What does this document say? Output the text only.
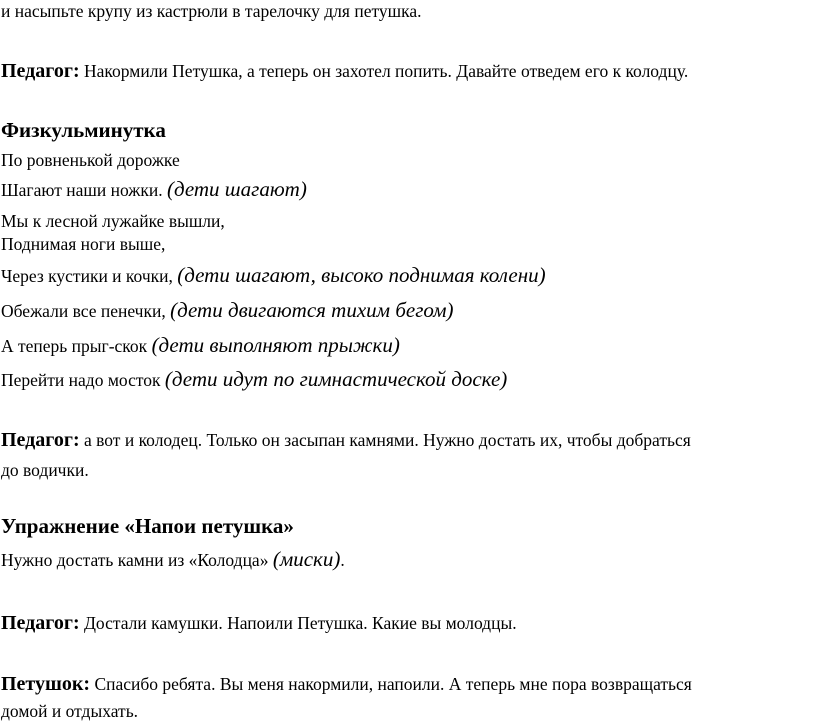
и насыпьте крупу из кастрюли в тарелочку для петушка.
Педагог: Накормили Петушка, а теперь он захотел попить. Давайте отведем его к колодцу.
Физкульминутка
По ровненькой дорожке
Шагают наши ножки. (дети шагают)
Мы к лесной лужайке вышли,
Поднимая ноги выше,
Через кустики и кочки, (дети шагают, высоко поднимая колени)
Обежали все пенечки, (дети двигаются тихим бегом)
А теперь прыг-скок (дети выполняют прыжки)
Перейти надо мосток (дети идут по гимнастической доске)
Педагог: а вот и колодец. Только он засыпан камнями. Нужно достать их, чтобы добраться
до водички.
Упражнение «Напои петушка»
Нужно достать камни из «Колодца» (миски).
Педагог: Достали камушки. Напоили Петушка. Какие вы молодцы.
Петушок: Спасибо ребята. Вы меня накормили, напоили. А теперь мне пора возвращаться
домой и отдыхать.
